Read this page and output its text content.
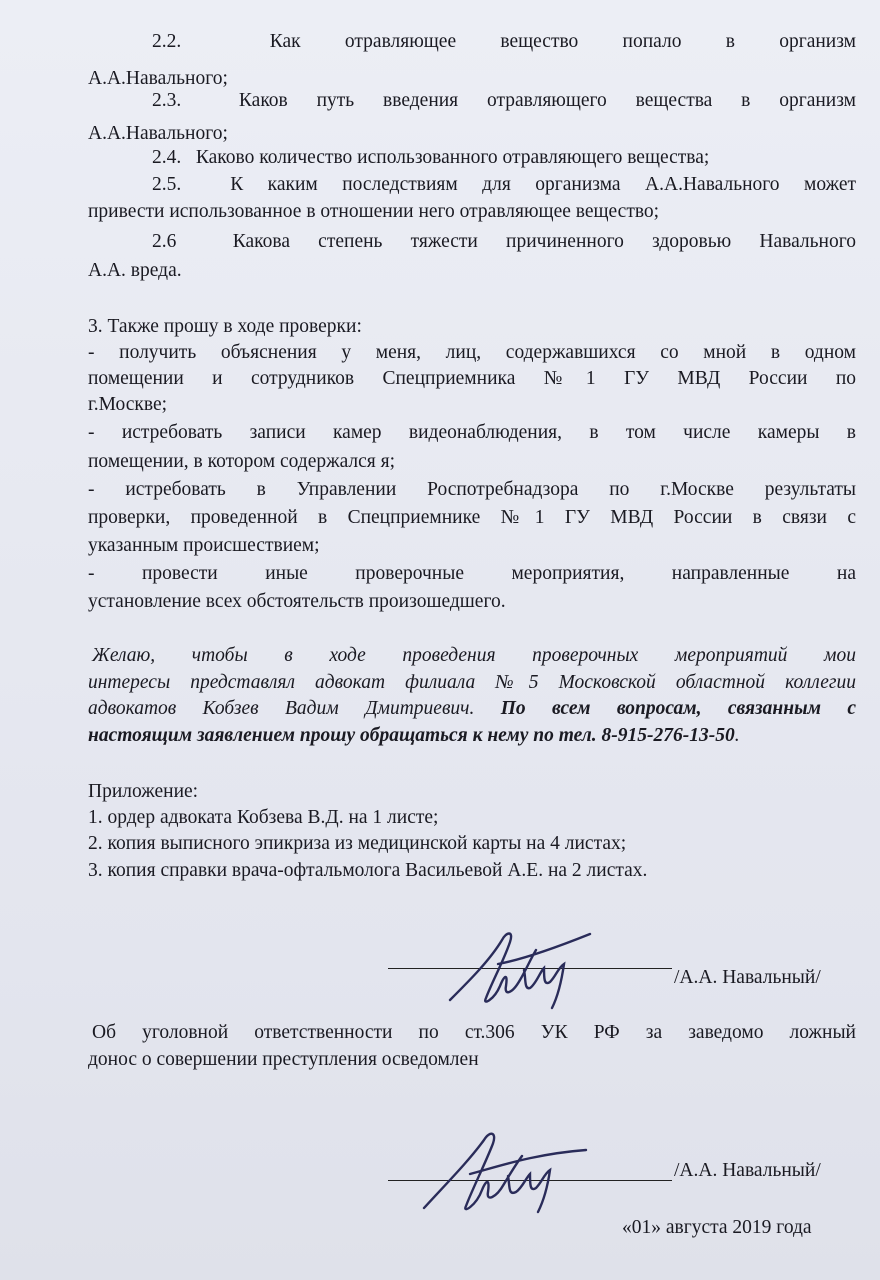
2.2.	Как отравляющее вещество попало в организм
А.А.Навального;
2.3.	Каков путь введения отравляющего вещества в организм
А.А.Навального;
2.4. Каково количество использованного отравляющего вещества;
2.5.	К каким последствиям для организма А.А.Навального может
привести использованное в отношении него отравляющее вещество;
2.6	Какова степень тяжести причиненного здоровью Навального
А.А. вреда.
3. Также прошу в ходе проверки:
- получить объяснения у меня, лиц, содержавшихся со мной в одном
помещении и сотрудников Спецприемника №1 ГУ МВД России по
г.Москве;
- истребовать записи камер видеонаблюдения, в том числе камеры в
помещении, в котором содержался я;
- истребовать в Управлении Роспотребнадзора по г.Москве результаты
проверки, проведенной в Спецприемнике №1 ГУ МВД России в связи с
указанным происшествием;
- провести иные проверочные мероприятия, направленные на
установление всех обстоятельств произошедшего.
Желаю, чтобы в ходе проведения проверочных мероприятий мои
интересы представлял адвокат филиала №5 Московской областной коллегии
адвокатов Кобзев Вадим Дмитриевич. По всем вопросам, связанным с
настоящим заявлением прошу обращаться к нему по тел. 8-915-276-13-50.
Приложение:
1. ордер адвоката Кобзева В.Д. на 1 листе;
2. копия выписного эпикриза из медицинской карты на 4 листах;
3. копия справки врача-офтальмолога Васильевой А.Е. на 2 листах.
/А.А. Навальный/
Об уголовной ответственности по ст.306 УК РФ за заведомо ложный
донос о совершении преступления осведомлен
/А.А. Навальный/
«01» августа 2019 года
